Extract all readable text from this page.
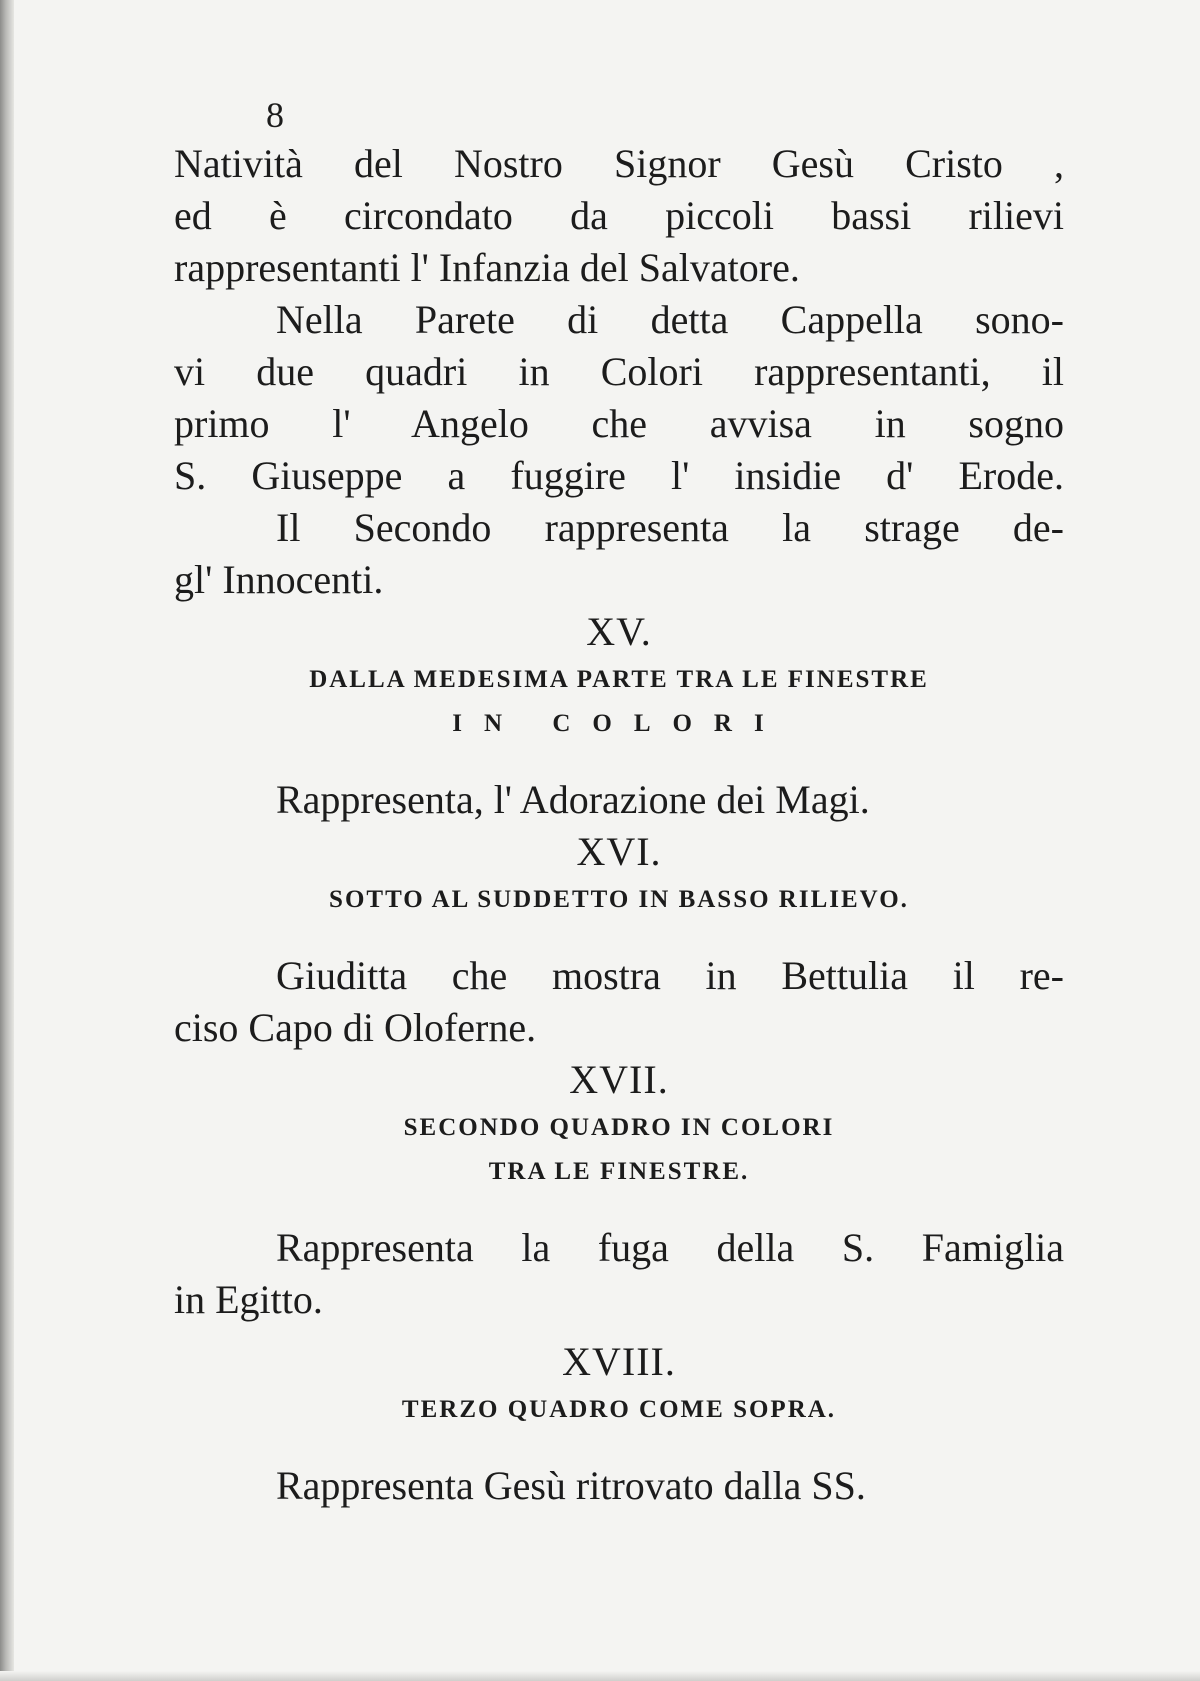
8
Natività del Nostro Signor Gesù Cristo ,
ed è circondato da piccoli bassi rilievi
rappresentanti l' Infanzia del Salvatore.
Nella Parete di detta Cappella sono-
vi due quadri in Colori rappresentanti, il
primo l' Angelo che avvisa in sogno
S. Giuseppe a fuggire l' insidie d' Erode.
Il Secondo rappresenta la strage de-
gl' Innocenti.
XV.
DALLA MEDESIMA PARTE TRA LE FINESTRE
IN COLORI
Rappresenta, l' Adorazione dei Magi.
XVI.
SOTTO AL SUDDETTO IN BASSO RILIEVO.
Giuditta che mostra in Bettulia il re-
ciso Capo di Oloferne.
XVII.
SECONDO QUADRO IN COLORI
TRA LE FINESTRE.
Rappresenta la fuga della S. Famiglia
in Egitto.
XVIII.
TERZO QUADRO COME SOPRA.
Rappresenta Gesù ritrovato dalla SS.
